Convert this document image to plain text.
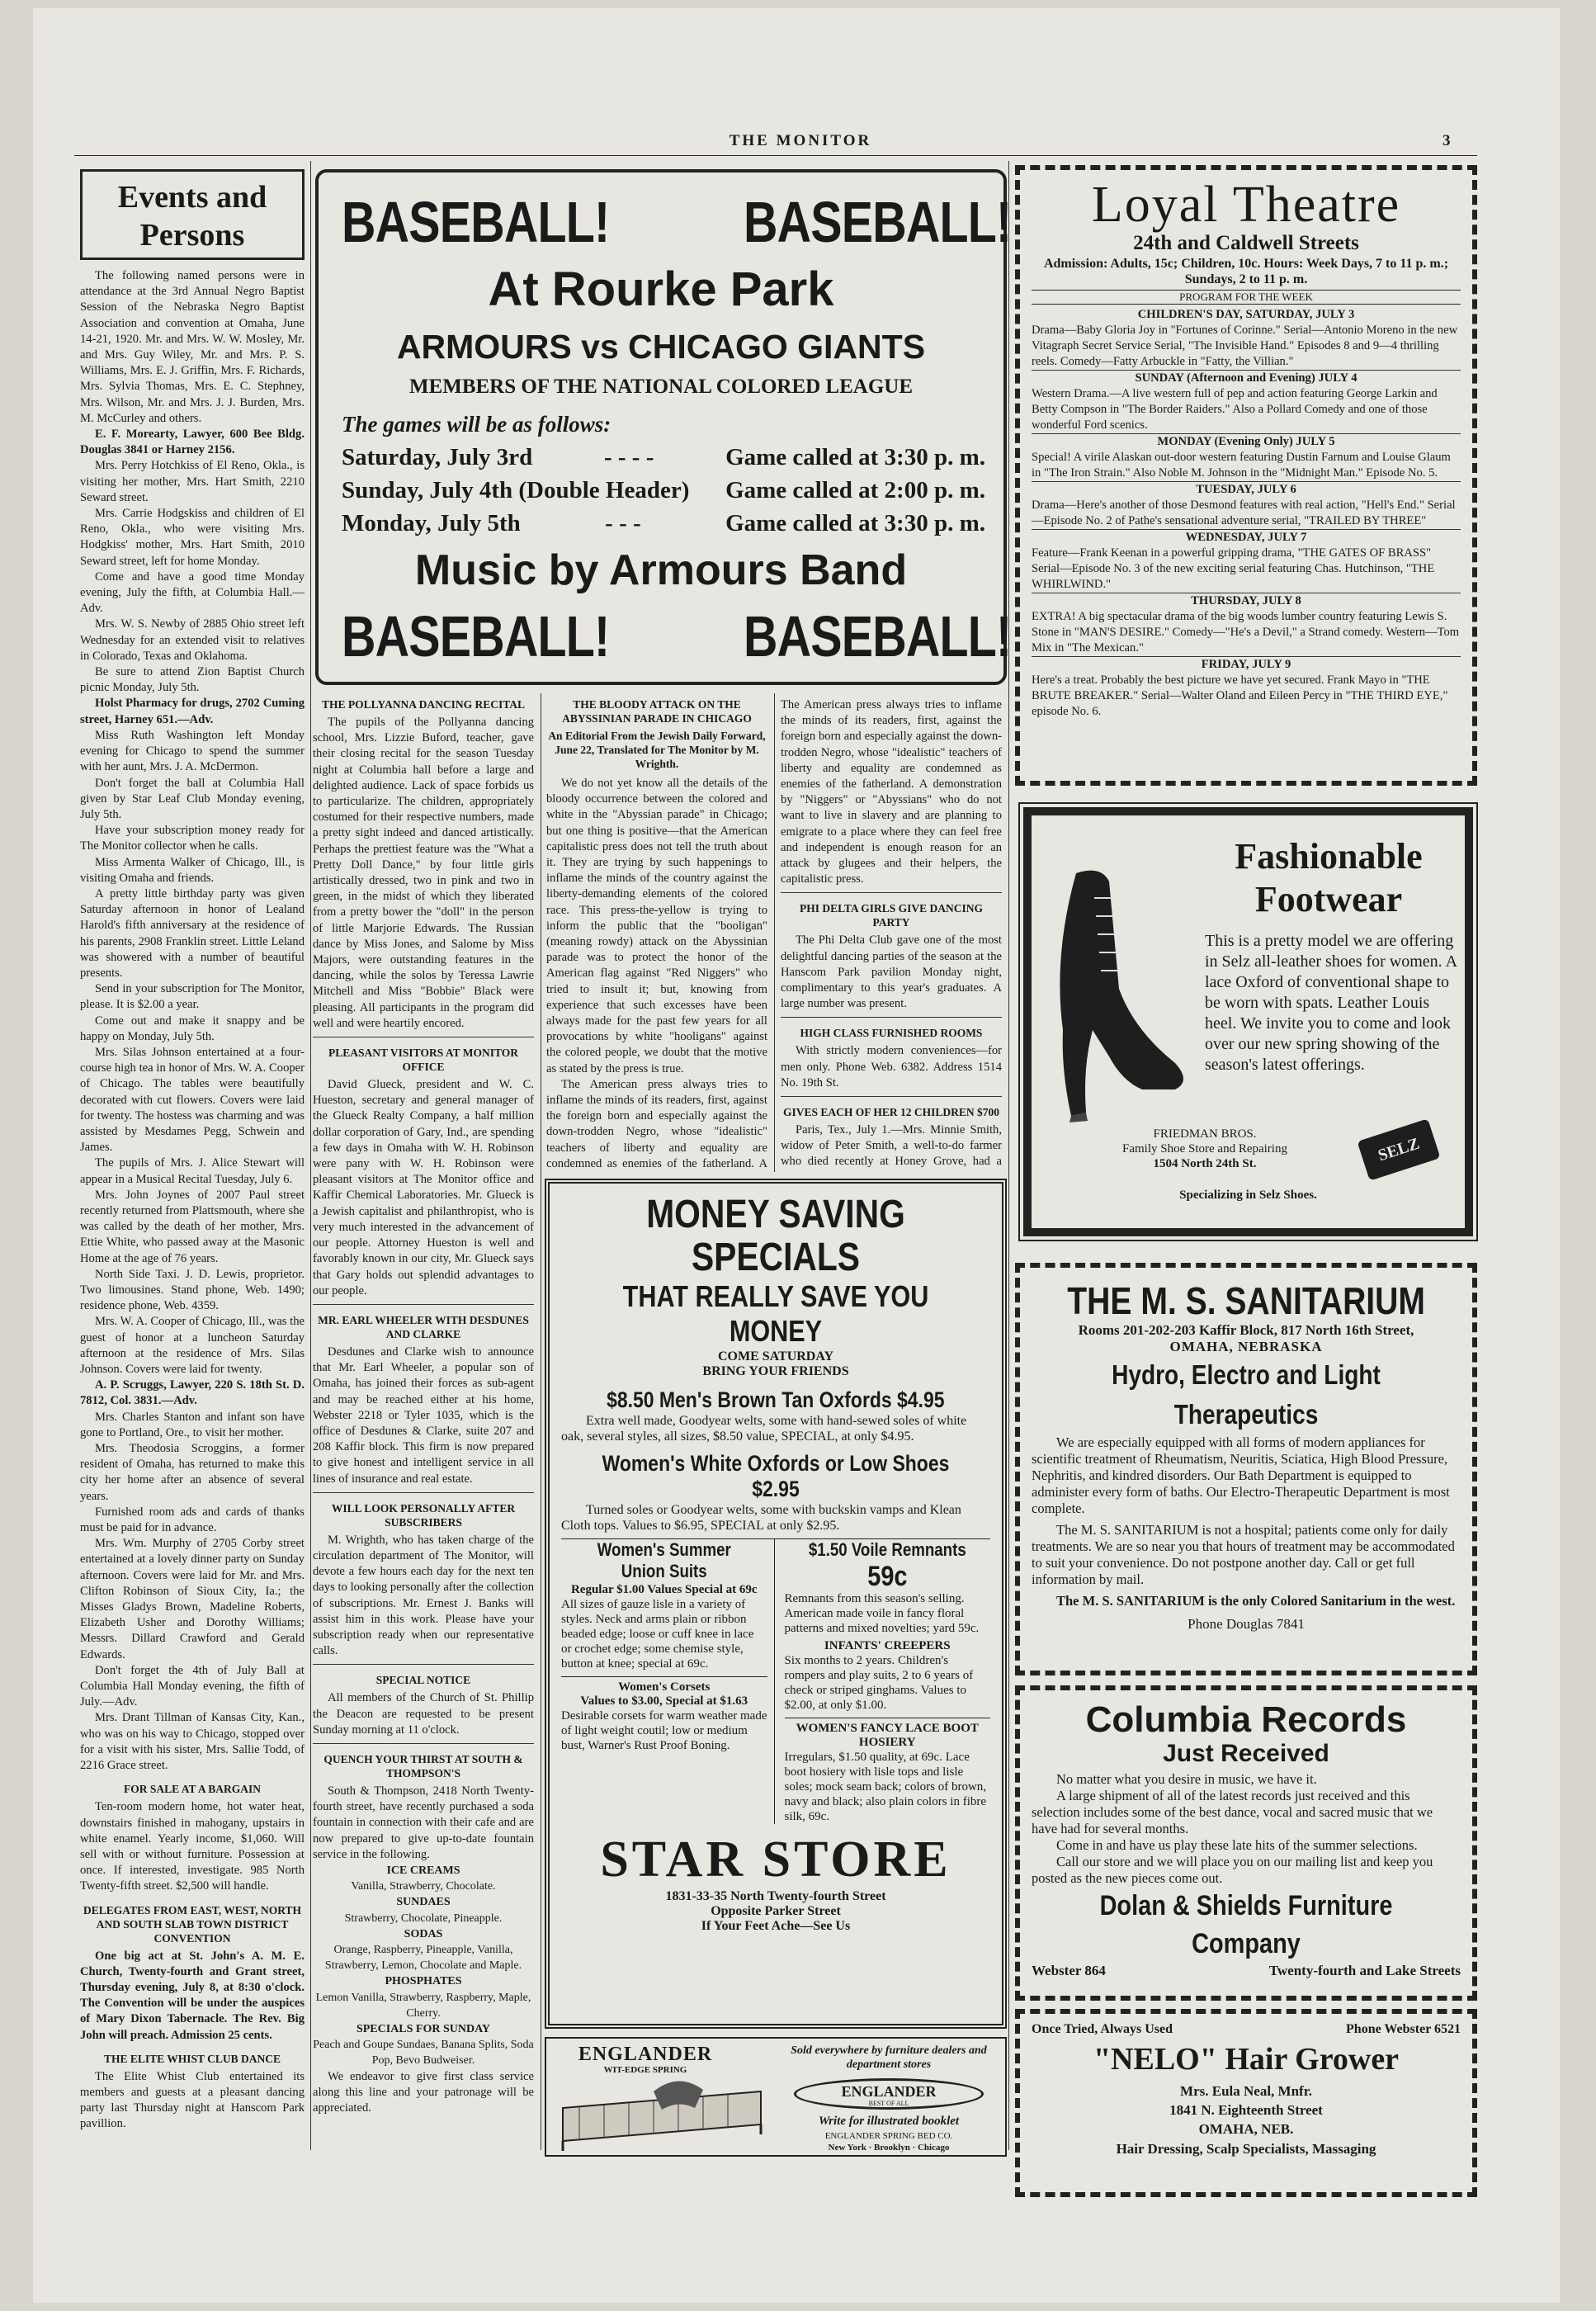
THE MONITOR	3
Events and Persons

The following named persons were in attendance at the 3rd Annual Negro Baptist Session of the Nebraska Negro Baptist Association and convention at Omaha, June 14-21, 1920. Mr. and Mrs. W. W. Mosley, Mr. and Mrs. Guy Wiley, Mr. and Mrs. P. S. Williams, Mrs. E. J. Griffin, Mrs. F. Richards, Mrs. Sylvia Thomas, Mrs. E. C. Stephney, Mrs. Wilson, Mr. and Mrs. J. J. Burden, Mrs. M. McCurley and others.

E. F. Morearty, Lawyer, 600 Bee Bldg. Douglas 3841 or Harney 2156.

Mrs. Perry Hotchkiss of El Reno, Okla., is visiting her mother, Mrs. Hart Smith, 2210 Seward street.

Mrs. Carrie Hodgskiss and children of El Reno, Okla., who were visiting Mrs. Hodgkiss' mother, Mrs. Hart Smith, 2010 Seward street, left for home Monday.

Come and have a good time Monday evening, July the fifth, at Columbia Hall.—Adv.

Mrs. W. S. Newby of 2885 Ohio street left Wednesday for an extended visit to relatives in Colorado, Texas and Oklahoma.

Be sure to attend Zion Baptist Church picnic Monday, July 5th.

Holst Pharmacy for drugs, 2702 Cuming street, Harney 651.—Adv.

Miss Ruth Washington left Monday evening for Chicago to spend the summer with her aunt, Mrs. J. A. McDermon.

Don't forget the ball at Columbia Hall given by Star Leaf Club Monday evening, July 5th.

Have your subscription money ready for The Monitor collector when he calls.

Miss Armenta Walker of Chicago, Ill., is visiting Omaha and friends.

A pretty little birthday party was given Saturday afternoon in honor of Lealand Harold's fifth anniversary at the residence of his parents, 2908 Franklin street. Little Leland was showered with a number of beautiful presents.

Send in your subscription for The Monitor, please. It is $2.00 a year.

Come out and make it snappy and be happy on Monday, July 5th.

Mrs. Silas Johnson entertained at a four-course high tea in honor of Mrs. W. A. Cooper of Chicago. The tables were beautifully decorated with cut flowers. Covers were laid for twenty. The hostess was charming and was assisted by Mesdames Pegg, Schwein and James.

The pupils of Mrs. J. Alice Stewart will appear in a Musical Recital Tuesday, July 6.

Mrs. John Joynes of 2007 Paul street recently returned from Plattsmouth, where she was called by the death of her mother, Mrs. Ettie White, who passed away at the Masonic Home at the age of 76 years.

North Side Taxi. J. D. Lewis, proprietor. Two limousines. Stand phone, Web. 1490; residence phone, Web. 4359.

Mrs. W. A. Cooper of Chicago, Ill., was the guest of honor at a luncheon Saturday afternoon at the residence of Mrs. Silas Johnson. Covers were laid for twenty.

A. P. Scruggs, Lawyer, 220 S. 18th St. D. 7812, Col. 3831.—Adv.

Mrs. Charles Stanton and infant son have gone to Portland, Ore., to visit her mother.

Mrs. Theodosia Scroggins, a former resident of Omaha, has returned to make this city her home after an absence of several years.

Furnished room ads and cards of thanks must be paid for in advance.

Mrs. Wm. Murphy of 2705 Corby street entertained at a lovely dinner party on Sunday afternoon. Covers were laid for Mr. and Mrs. Clifton Robinson of Sioux City, Ia.; the Misses Gladys Brown, Madeline Roberts, Elizabeth Usher and Dorothy Williams; Messrs. Dillard Crawford and Gerald Edwards.

Don't forget the 4th of July Ball at Columbia Hall Monday evening, the fifth of July.—Adv.

Mrs. Drant Tillman of Kansas City, Kan., who was on his way to Chicago, stopped over for a visit with his sister, Mrs. Sallie Todd, of 2216 Grace street.

FOR SALE AT A BARGAIN

Ten-room modern home, hot water heat, downstairs finished in mahogany, upstairs in white enamel. Yearly income, $1,060. Will sell with or without furniture. Possession at once. If interested, investigate. 985 North Twenty-fifth street. $2,500 will handle.

DELEGATES FROM EAST, WEST, NORTH AND SOUTH SLAB TOWN DISTRICT CONVENTION

One big act at St. John's A. M. E. Church, Twenty-fourth and Grant street, Thursday evening, July 8, at 8:30 o'clock. The Convention will be under the auspices of Mary Dixon Tabernacle. The Rev. Big John will preach. Admission 25 cents.

THE ELITE WHIST CLUB DANCE

The Elite Whist Club entertained its members and guests at a pleasant dancing party last Thursday night at Hanscom Park pavillion.

BASEBALL! BASEBALL!
At Rourke Park
ARMOURS vs CHICAGO GIANTS
MEMBERS OF THE NATIONAL COLORED LEAGUE
The games will be as follows:
Saturday, July 3rd	- - - -	Game called at 3:30 p. m.
Sunday, July 4th (Double Header) Game called at 2:00 p. m.
Monday, July 5th	- - -	Game called at 3:30 p. m.
Music by Armours Band
BASEBALL! BASEBALL!
THE POLLYANNA DANCING RECITAL

The pupils of the Pollyanna dancing school, Mrs. Lizzie Buford, teacher, gave their closing recital for the season Tuesday night at Columbia hall before a large and delighted audience. Lack of space forbids us to particularize. The children, appropriately costumed for their respective numbers, made a pretty sight indeed and danced artistically. Perhaps the prettiest feature was the "What a Pretty Doll Dance," by four little girls artistically dressed, two in pink and two in green, in the midst of which they liberated from a pretty bower the "doll" in the person of little Marjorie Edwards. The Russian dance by Miss Jones, and Salome by Miss Majors, were outstanding features in the dancing, while the solos by Teressa Lawrie Mitchell and Miss "Bobbie" Black were pleasing. All participants in the program did well and were heartily encored.

PLEASANT VISITORS AT MONITOR OFFICE

David Glueck, president and W. C. Hueston, secretary and general manager of the Glueck Realty Company, a half million dollar corporation of Gary, Ind., are spending a few days in Omaha with W. H. Robinson were pany with W. H. Robinson were pleasant visitors at The Monitor office and Kaffir Chemical Laboratories. Mr. Glueck is a Jewish capitalist and philanthropist, who is very much interested in the advancement of our people. Attorney Hueston is well and favorably known in our city, Mr. Glueck says that Gary holds out splendid advantages to our people.

MR. EARL WHEELER WITH DESDUNES AND CLARKE

Desdunes and Clarke wish to announce that Mr. Earl Wheeler, a popular son of Omaha, has joined their forces as sub-agent and may be reached either at his home, Webster 2218 or Tyler 1035, which is the office of Desdunes & Clarke, suite 207 and 208 Kaffir block. This firm is now prepared to give honest and intelligent service in all lines of insurance and real estate.

WILL LOOK PERSONALLY AFTER SUBSCRIBERS

M. Wrighth, who has taken charge of the circulation department of The Monitor, will devote a few hours each day for the next ten days to looking personally after the collection of subscriptions. Mr. Ernest J. Banks will assist him in this work. Please have your subscription ready when our representative calls.

SPECIAL NOTICE

All members of the Church of St. Phillip the Deacon are requested to be present Sunday morning at 11 o'clock.

QUENCH YOUR THIRST AT SOUTH & THOMPSON'S

South & Thompson, 2418 North Twenty-fourth street, have recently purchased a soda fountain in connection with their cafe and are now prepared to give up-to-date fountain service in the following.

ICE CREAMS
Vanilla, Strawberry, Chocolate.
SUNDAES
Strawberry, Chocolate, Pineapple.
SODAS
Orange, Raspberry, Pineapple, Vanilla, Strawberry, Lemon, Chocolate and Maple.
PHOSPHATES
Lemon Vanilla, Strawberry, Raspberry, Maple, Cherry.
SPECIALS FOR SUNDAY
Peach and Goupe Sundaes, Banana Splits, Soda Pop, Bevo Budweiser.

We endeavor to give first class service along this line and your patronage will be appreciated.

THE BLOODY ATTACK ON THE ABYSSINIAN PARADE IN CHICAGO
An Editorial From the Jewish Daily Forward, June 22, Translated for The Monitor by M. Wrighth.

We do not yet know all the details of the bloody occurrence between the colored and white in the "Abyssian parade" in Chicago; but one thing is positive—that the American capitalistic press does not tell the truth about it. They are trying by such happenings to inflame the minds of the country against the liberty-demanding elements of the colored race. This press-the-yellow is trying to inform the public that the "booligan" (meaning rowdy) attack on the Abyssinian parade was to protect the honor of the American flag against "Red Niggers" who tried to insult it; but, knowing from experience that such excesses have been always made for the past few years for all provocations by white "hooligans" against the colored people, we doubt that the motive as stated by the press is true.

The American press always tries to inflame the minds of its readers, first, against the foreign born and especially against the down-trodden Negro, whose "idealistic" teachers of liberty and equality are condemned as enemies of the fatherland. A

The American press always tries to inflame the minds of its readers, first, against the foreign born and especially against the down-trodden Negro, whose "idealistic" teachers of liberty and equality are condemned as enemies of the fatherland. A demonstration by "Niggers" or "Abyssians" who do not want to live in slavery and are planning to emigrate to a place where they can feel free and independent is enough reason for an attack by glugees and their helpers, the capitalistic press.

PHI DELTA GIRLS GIVE DANCING PARTY

The Phi Delta Club gave one of the most delightful dancing parties of the season at the Hanscom Park pavilion Monday night, complimentary to this year's graduates. A large number was present.

HIGH CLASS FURNISHED ROOMS

With strictly modern conveniences—for men only. Phone Web. 6382. Address 1514 No. 19th St.

GIVES EACH OF HER 12 CHILDREN $700

Paris, Tex., July 1.—Mrs. Minnie Smith, widow of Peter Smith, a well-to-do farmer who died recently at Honey Grove, had a

MONEY SAVING SPECIALS
THAT REALLY SAVE YOU MONEY
COME SATURDAY
BRING YOUR FRIENDS
$8.50 Men's Brown Tan Oxfords $4.95
Extra well made, Goodyear welts, some with hand-sewed soles of white oak, several styles, all sizes, $8.50 value, SPECIAL, at only $4.95.
Women's White Oxfords or Low Shoes $2.95
Turned soles or Goodyear welts, some with buckskin vamps and Klean Cloth tops. Values to $6.95, SPECIAL at only $2.95.
Women's Summer Union Suits
Regular $1.00 Values Special at 69c
All sizes of gauze lisle in a variety of styles. Neck and arms plain or ribbon beaded edge; loose or cuff knee in lace or crochet edge; some chemise style, button at knee; special at 69c.
Women's Corsets
Values to $3.00, Special at $1.63
Desirable corsets for warm weather made of light weight coutil; low or medium bust, Warner's Rust Proof Boning.
$1.50 Voile Remnants
59c
Remnants from this season's selling. American made voile in fancy floral patterns and mixed novelties; yard 59c.
INFANTS' CREEPERS
Six months to 2 years. Children's rompers and play suits, 2 to 6 years of check or striped ginghams. Values to $2.00, at only $1.00.
WOMEN'S FANCY LACE BOOT HOSIERY
Irregulars, $1.50 quality, at 69c. Lace boot hosiery with lisle tops and lisle soles; mock seam back; colors of brown, navy and black; also plain colors in fibre silk, 69c.
STAR STORE
1831-33-35 North Twenty-fourth Street
Opposite Parker Street
If Your Feet Ache—See Us
ENGLANDER
WIT-EDGE SPRING
Sold everywhere by furniture dealers and department stores
ENGLANDER
BEST OF ALL
Write for illustrated booklet
ENGLANDER SPRING BED CO.
New York · Brooklyn · Chicago
Loyal Theatre
24th and Caldwell Streets
Admission: Adults, 15c; Children, 10c. Hours: Week Days, 7 to 11 p. m.; Sundays, 2 to 11 p. m.
PROGRAM FOR THE WEEK
CHILDREN'S DAY, SATURDAY, JULY 3
Drama—Baby Gloria Joy in "Fortunes of Corinne." Serial—Antonio Moreno in the new Vitagraph Secret Service Serial, "The Invisible Hand." Episodes 8 and 9—4 thrilling reels. Comedy—Fatty Arbuckle in "Fatty, the Villian."
SUNDAY (Afternoon and Evening) JULY 4
Western Drama.—A live western full of pep and action featuring George Larkin and Betty Compson in "The Border Raiders." Also a Pollard Comedy and one of those wonderful Ford scenics.
MONDAY (Evening Only) JULY 5
Special! A virile Alaskan out-door western featuring Dustin Farnum and Louise Glaum in "The Iron Strain." Also Noble M. Johnson in the "Midnight Man." Episode No. 5.
TUESDAY, JULY 6
Drama—Here's another of those Desmond features with real action, "Hell's End." Serial—Episode No. 2 of Pathe's sensational adventure serial, "TRAILED BY THREE"
WEDNESDAY, JULY 7
Feature—Frank Keenan in a powerful gripping drama, "THE GATES OF BRASS" Serial—Episode No. 3 of the new exciting serial featuring Chas. Hutchinson, "THE WHIRLWIND."
THURSDAY, JULY 8
EXTRA! A big spectacular drama of the big woods lumber country featuring Lewis S. Stone in "MAN'S DESIRE." Comedy—"He's a Devil," a Strand comedy. Western—Tom Mix in "The Mexican."
FRIDAY, JULY 9
Here's a treat. Probably the best picture we have yet secured. Frank Mayo in "THE BRUTE BREAKER." Serial—Walter Oland and Eileen Percy in "THE THIRD EYE," episode No. 6.
Fashionable
Footwear
This is a pretty model we are offering in Selz all-leather shoes for women. A lace Oxford of conventional shape to be worn with spats. Leather Louis heel. We invite you to come and look over our new spring showing of the season's latest offerings.
FRIEDMAN BROS.
Family Shoe Store and Repairing
1504 North 24th St.	SELZ
Specializing in Selz Shoes.
THE M. S. SANITARIUM
Rooms 201-202-203 Kaffir Block, 817 North 16th Street,
OMAHA, NEBRASKA
Hydro, Electro and Light Therapeutics
We are especially equipped with all forms of modern appliances for scientific treatment of Rheumatism, Neuritis, Sciatica, High Blood Pressure, Nephritis, and kindred disorders. Our Bath Department is equipped to administer every form of baths. Our Electro-Therapeutic Department is most complete.
The M. S. SANITARIUM is not a hospital; patients come only for daily treatments. We are so near you that hours of treatment may be accommodated to suit your convenience. Do not postpone another day. Call or get full information by mail.
The M. S. SANITARIUM is the only Colored Sanitarium in the west.
Phone Douglas 7841
Columbia Records
Just Received
No matter what you desire in music, we have it.
A large shipment of all of the latest records just received and this selection includes some of the best dance, vocal and sacred music that we have had for several months.
Come in and have us play these late hits of the summer selections.
Call our store and we will place you on our mailing list and keep you posted as the new pieces come out.
Dolan & Shields Furniture Company
Webster 864	Twenty-fourth and Lake Streets
Once Tried, Always Used	Phone Webster 6521
"NELO" Hair Grower
Mrs. Eula Neal, Mnfr.
1841 N. Eighteenth Street
OMAHA, NEB.
Hair Dressing, Scalp Specialists, Massaging
